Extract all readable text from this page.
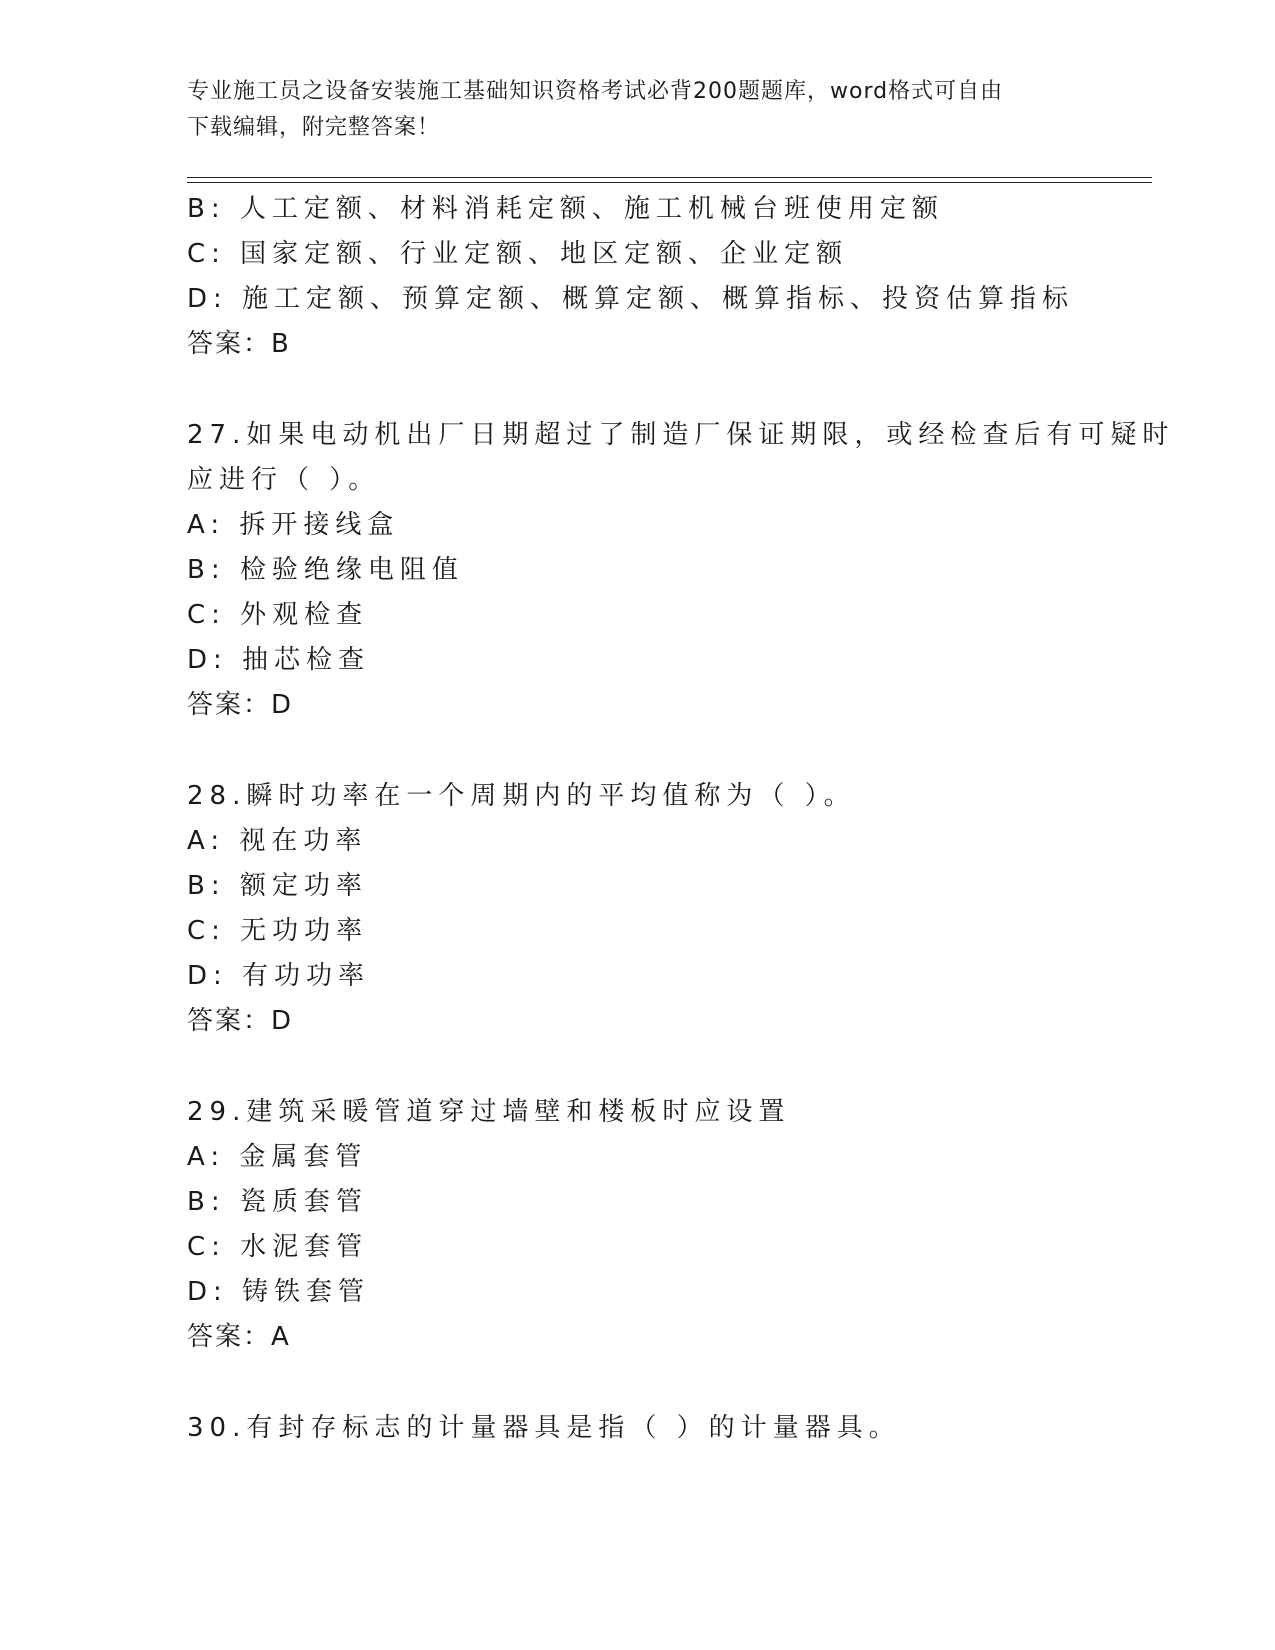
专业施工员之设备安装施工基础知识资格考试必背200题题库，word格式可自由
下载编辑，附完整答案！
B: 人工定额、材料消耗定额、施工机械台班使用定额
C: 国家定额、行业定额、地区定额、企业定额
D: 施工定额、预算定额、概算定额、概算指标、投资估算指标
答案：B
27.如果电动机出厂日期超过了制造厂保证期限，或经检查后有可疑时
应进行（ ）。
A: 拆开接线盒
B: 检验绝缘电阻值
C: 外观检查
D: 抽芯检查
答案：D
28.瞬时功率在一个周期内的平均值称为（ ）。
A: 视在功率
B: 额定功率
C: 无功功率
D: 有功功率
答案：D
29.建筑采暖管道穿过墙壁和楼板时应设置
A: 金属套管
B: 瓷质套管
C: 水泥套管
D: 铸铁套管
答案：A
30.有封存标志的计量器具是指（ ）的计量器具。
